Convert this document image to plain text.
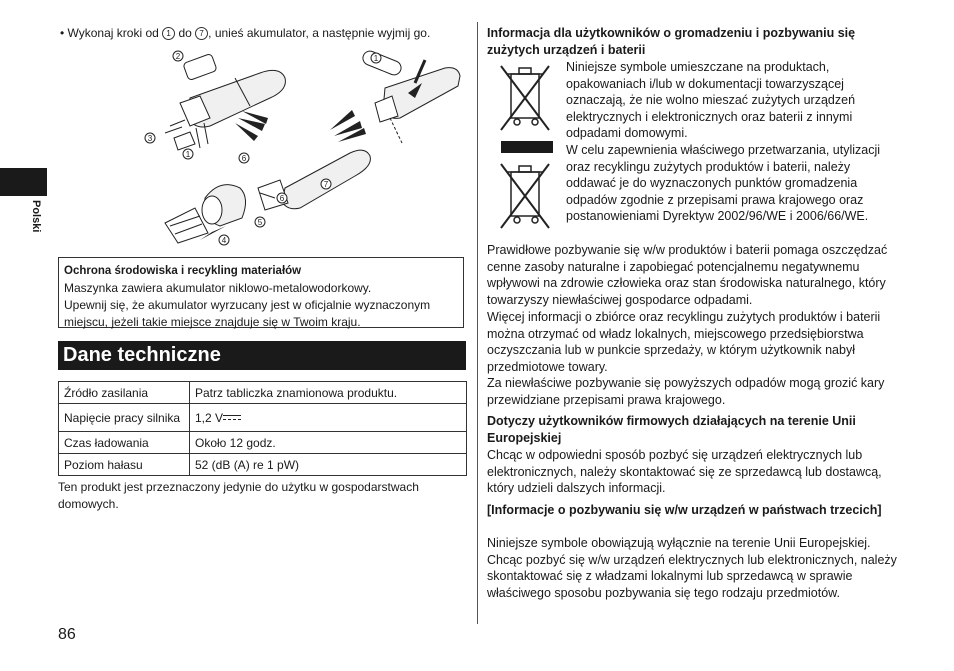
Polski
• Wykonaj kroki od 1 do 7 , unieś akumulator, a następnie wyjmij go.
2
3
1	6
6
7
5
4
1
Ochrona środowiska i recykling materiałów
Maszynka zawiera akumulator niklowo-metalowodorkowy.
Upewnij się, że akumulator wyrzucany jest w oficjalnie wyznaczonym miejscu, jeżeli takie miejsce znajduje się w Twoim kraju.
Dane techniczne
Źródło zasilania	Patrz tabliczka znamionowa produktu.
Napięcie pracy silnika	1,2 V
Czas ładowania	Około 12 godz.
Poziom hałasu	52 (dB (A) re 1 pW)
Ten produkt jest przeznaczony jedynie do użytku w gospodarstwach domowych.
86
Informacja dla użytkowników o gromadzeniu i pozbywaniu się zużytych urządzeń i baterii
Niniejsze symbole umieszczane na produktach, opakowaniach i/lub w dokumentacji towarzyszącej oznaczają, że nie wolno mieszać zużytych urządzeń elektrycznych i elektronicznych oraz baterii z innymi odpadami domowymi.
W celu zapewnienia właściwego przetwarzania, utylizacji oraz recyklingu zużytych produktów i baterii, należy oddawać je do wyznaczonych punktów gromadzenia odpadów zgodnie z przepisami prawa krajowego oraz postanowieniami Dyrektyw 2002/96/WE i 2006/66/WE.
Prawidłowe pozbywanie się w/w produktów i baterii pomaga oszczędzać cenne zasoby naturalne i zapobiegać potencjalnemu negatywnemu wpływowi na zdrowie człowieka oraz stan środowiska naturalnego, który towarzyszy niewłaściwej gospodarce odpadami.
Więcej informacji o zbiórce oraz recyklingu zużytych produktów i baterii można otrzymać od władz lokalnych, miejscowego przedsiębiorstwa oczyszczania lub w punkcie sprzedaży, w którym użytkownik nabył przedmiotowe towary.
Za niewłaściwe pozbywanie się powyższych odpadów mogą grozić kary przewidziane przepisami prawa krajowego.
Dotyczy użytkowników firmowych działających na terenie Unii Europejskiej
Chcąc w odpowiedni sposób pozbyć się urządzeń elektrycznych lub elektronicznych, należy skontaktować się ze sprzedawcą lub dostawcą, który udzieli dalszych informacji.
[Informacje o pozbywaniu się w/w urządzeń w państwach trzecich]
Niniejsze symbole obowiązują wyłącznie na terenie Unii Europejskiej. Chcąc pozbyć się w/w urządzeń elektrycznych lub elektronicznych, należy skontaktować się z władzami lokalnymi lub sprzedawcą w sprawie właściwego sposobu pozbywania się tego rodzaju przedmiotów.
